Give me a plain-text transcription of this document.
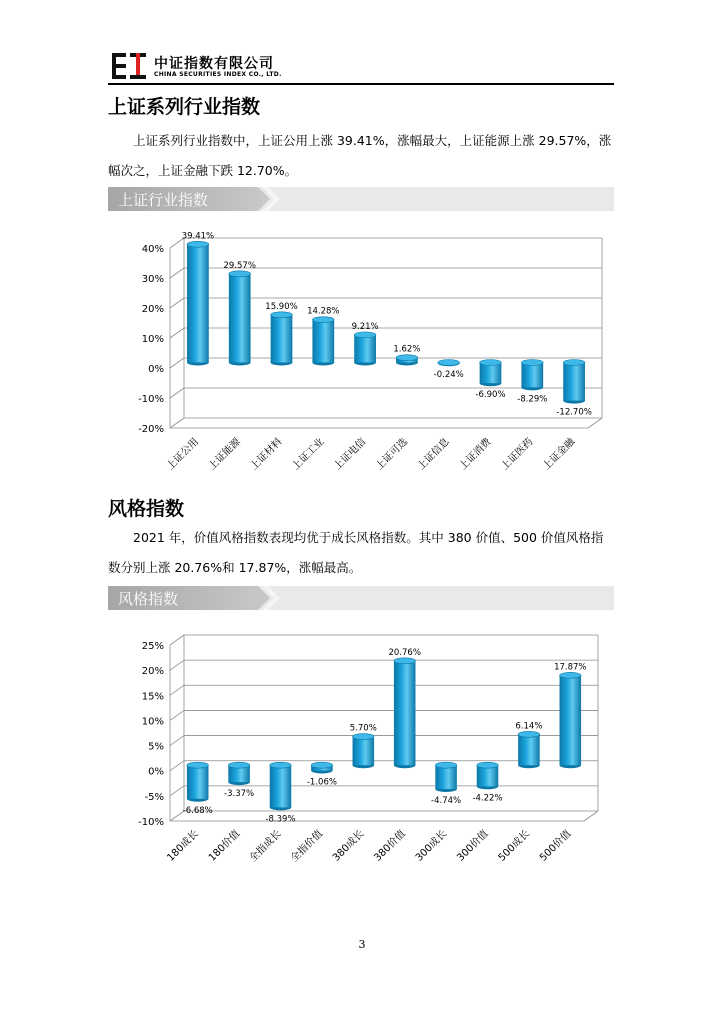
中证指数有限公司
CHINA SECURITIES INDEX CO., LTD.
上证系列行业指数
上证系列行业指数中，上证公用上涨 39.41%，涨幅最大，上证能源上涨 29.57%，涨幅次之，上证金融下跌 12.70%。
上证行业指数
40%
30%
20%
10%
0%
-10%
-20%
39.41%
上证公用
29.57%
上证能源
15.90%
上证材料
14.28%
上证工业
9.21%
上证电信
1.62%
上证可选
-0.24%
上证信息
-6.90%
上证消费
-8.29%
上证医药
-12.70%
上证金融
风格指数
2021 年，价值风格指数表现均优于成长风格指数。其中 380 价值、500 价值风格指数分别上涨 20.76%和 17.87%，涨幅最高。
风格指数
25%
20%
15%
10%
5%
0%
-5%
-10%
-6.68%
180成长
-3.37%
180价值
-8.39%
全指成长
-1.06%
全指价值
5.70%
380成长
20.76%
380价值
-4.74%
300成长
-4.22%
300价值
6.14%
500成长
17.87%
500价值
3
